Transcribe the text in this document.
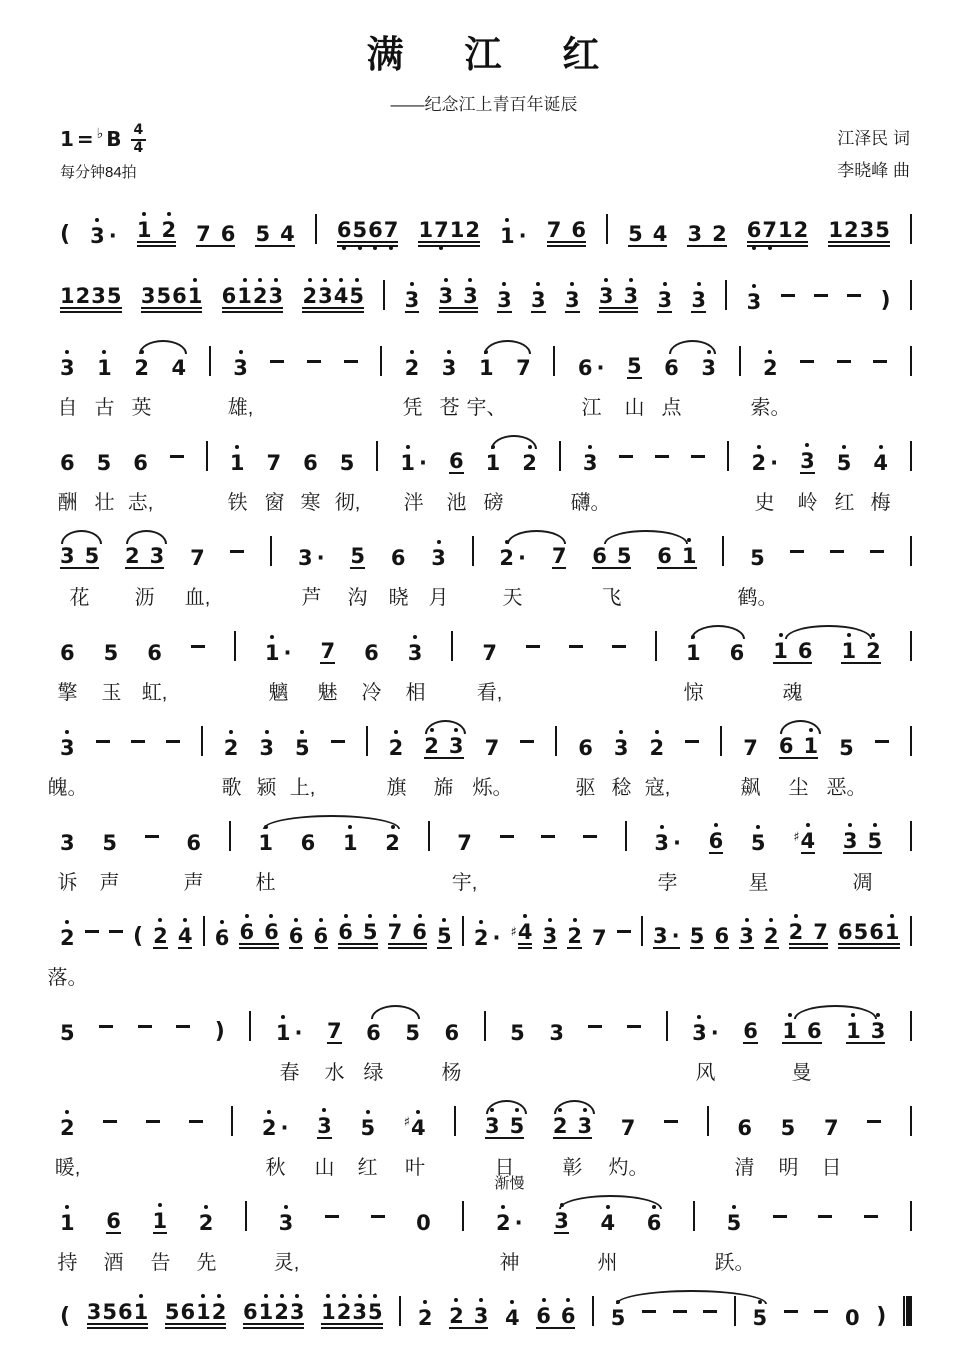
满 江 红
——纪念江上青百年诞辰
1 =♭ B $\frac{4}{4}$
每分钟84拍
江泽民 词
李晓峰 曲
( 3 · 1 2 7 6 5 4 6 5 6 7 1 7 1 2 1 · 7 6 5 4 3 2 6 7 1 2 1 2 3 5
1 2 3 5 3 5 6 1 6 1 2 3 2 3 4 5 3 3 3 3 3 3 3 3 3 3 3	)
3 1 2 4 3	2 3 1 7 6 · 5 6 3 2
自 古 英	雄,	凭 苍 宇、	江 山 点	索。
6 5 6	1 7 6 5 1 · 6 1 2 3	2 · 3 5 4
酬 壮 志,	铁 窗 寒 彻, 泮 池 磅	礴。	史 岭 红 梅
3 5 2 3 7	3 · 5 6 3	2 · 7 6 5 6 1	5
花 沥 血,	芦 沟 晓 月	天	飞	鹤。
6 5 6	1 · 7 6 3	7	1 6 1 6 1 2
擎 玉 虹,	魑 魅 冷 相	看,	惊	魂
3	2 3 5	2 2 3 7	6 3 2	7 6 1 5
魄。	歌 颍 上,	旗 旆 烁。	驱 稔 寇,	飙 尘 恶。
3 5	6	1 6 1 2	7	3 · 6 5 ♯ 4 3 5
诉 声	声	杜	宇,	孛	星	凋
2	( 2 4 6 6 6 6 6 6 5 7 6 5 2 · ♯ 4 3 2 7 3 · 5 6 3 2 2 7 6 5 6 1
落。
5	) 1 · 7 6 5 6 5 3	3 · 6 1 6 1 3
春 水 绿	杨	风	曼
2	2 · 3 5 ♯ 4	3 5 2 3 7	6 5 7
暖,	秋 山 红 叶	日 彰 灼。	清 明 日
1 6 1 2	3	0	2 · 3 4 6	5
渐慢
持 酒 告 先	灵,	神	州	跃。
( 3 5 6 1 5 6 1 2 6 1 2 3 1 2 3 5 2 2 3 4 6 6 5	5	0 )
